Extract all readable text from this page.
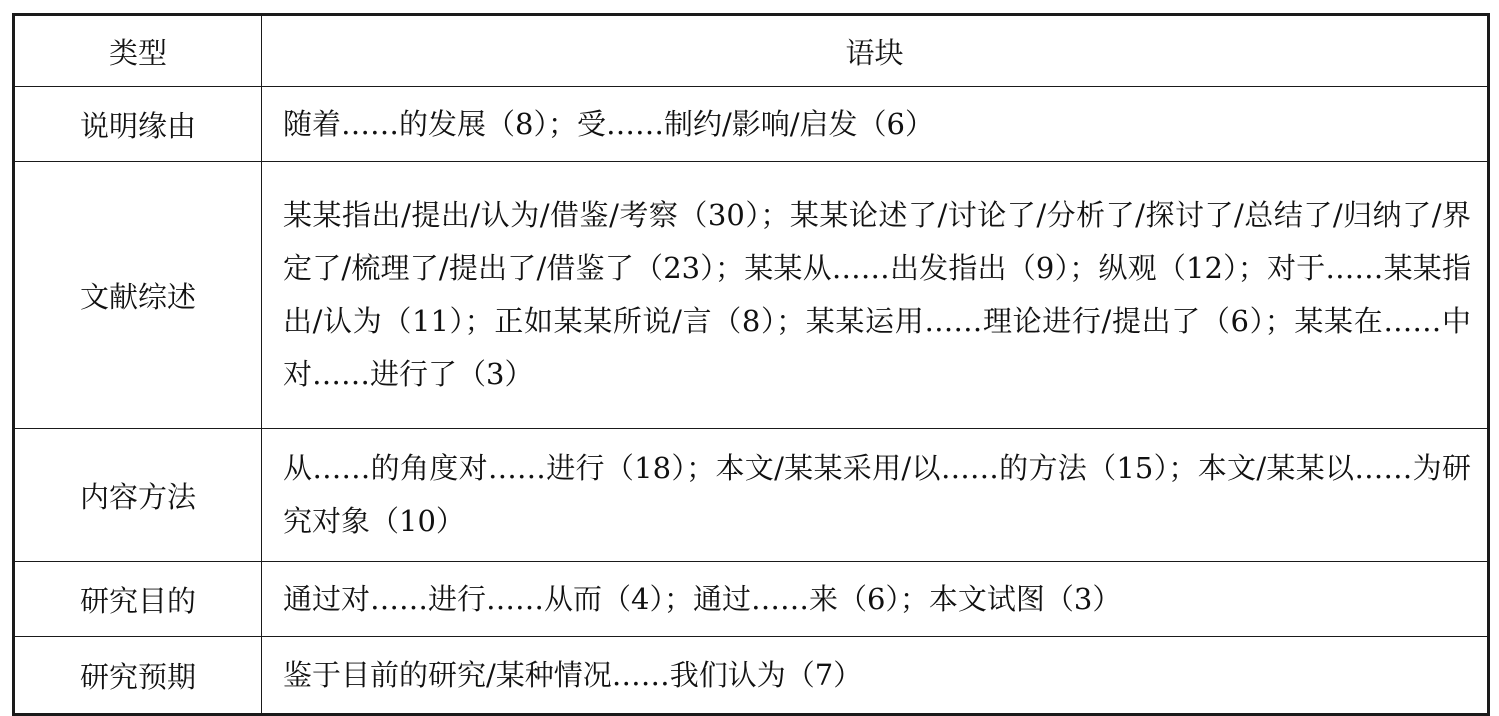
类型	语块
说明缘由	随着……的发展（8）；受……制约/影响/启发（6）
文献综述	某某指出/提出/认为/借鉴/考察（30）；某某论述了/讨论了/分析了/探讨了/总结了/归纳了/界定了/梳理了/提出了/借鉴了（23）；某某从……出发指出（9）；纵观（12）；对于……某某指出/认为（11）；正如某某所说/言（8）；某某运用……理论进行/提出了（6）；某某在……中对……进行了（3）
内容方法	从……的角度对……进行（18）；本文/某某采用/以……的方法（15）；本文/某某以……为研究对象（10）
研究目的	通过对……进行……从而（4）；通过……来（6）；本文试图（3）
研究预期	鉴于目前的研究/某种情况……我们认为（7）
